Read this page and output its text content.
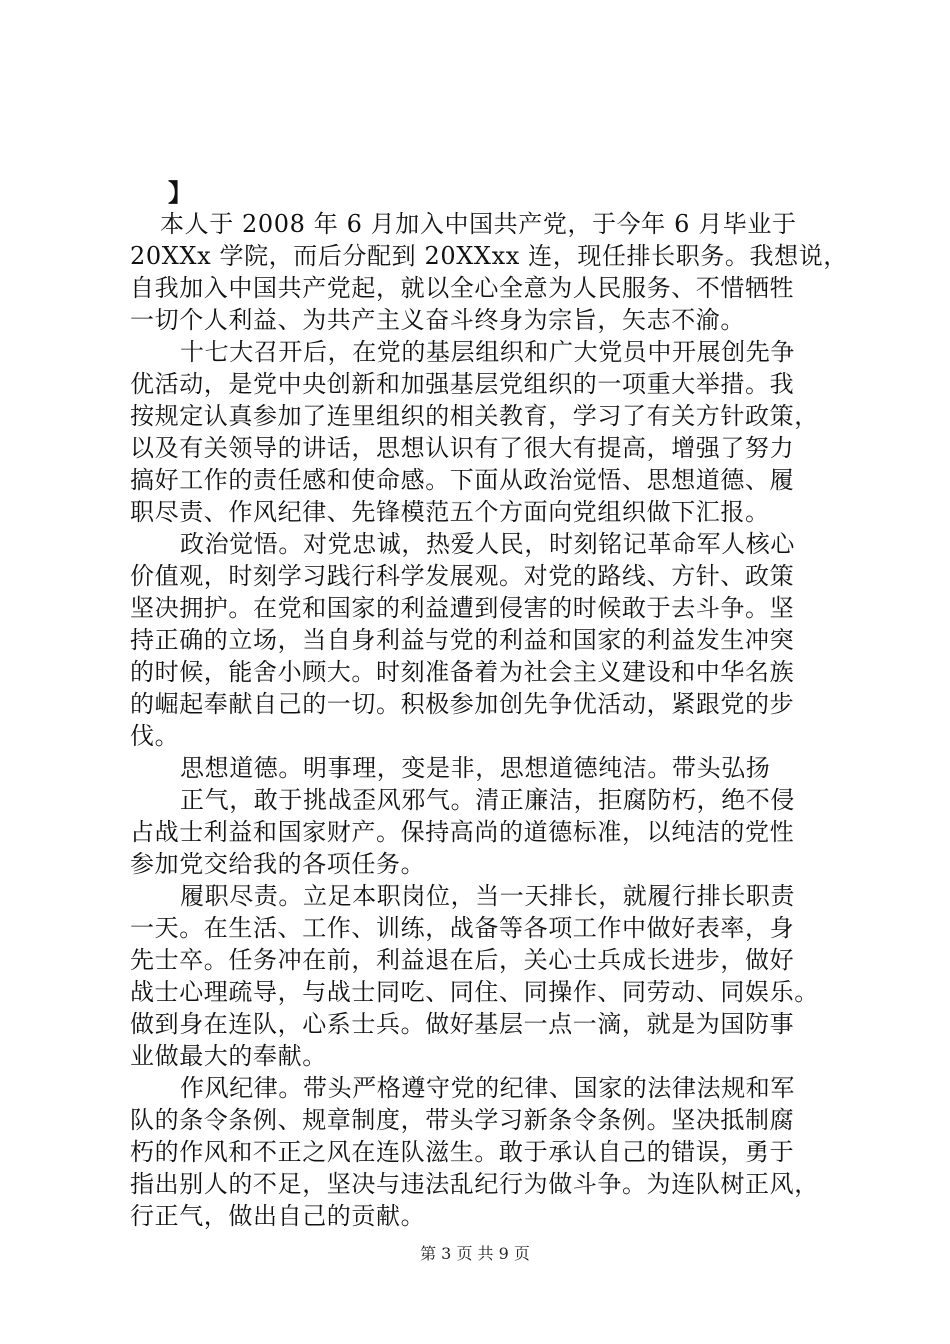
】
本人于 2008 年 6 月加入中国共产党，于今年 6 月毕业于
20XXx 学院，而后分配到 20XXxx 连，现任排长职务。我想说，
自我加入中国共产党起，就以全心全意为人民服务、不惜牺牲
一切个人利益、为共产主义奋斗终身为宗旨，矢志不渝。
十七大召开后，在党的基层组织和广大党员中开展创先争
优活动，是党中央创新和加强基层党组织的一项重大举措。我
按规定认真参加了连里组织的相关教育，学习了有关方针政策，
以及有关领导的讲话，思想认识有了很大有提高，增强了努力
搞好工作的责任感和使命感。下面从政治觉悟、思想道德、履
职尽责、作风纪律、先锋模范五个方面向党组织做下汇报。
政治觉悟。对党忠诚，热爱人民，时刻铭记革命军人核心
价值观，时刻学习践行科学发展观。对党的路线、方针、政策
坚决拥护。在党和国家的利益遭到侵害的时候敢于去斗争。坚
持正确的立场，当自身利益与党的利益和国家的利益发生冲突
的时候，能舍小顾大。时刻准备着为社会主义建设和中华名族
的崛起奉献自己的一切。积极参加创先争优活动，紧跟党的步
伐。
思想道德。明事理，变是非，思想道德纯洁。带头弘扬
正气，敢于挑战歪风邪气。清正廉洁，拒腐防朽，绝不侵
占战士利益和国家财产。保持高尚的道德标准，以纯洁的党性
参加党交给我的各项任务。
履职尽责。立足本职岗位，当一天排长，就履行排长职责
一天。在生活、工作、训练，战备等各项工作中做好表率，身
先士卒。任务冲在前，利益退在后，关心士兵成长进步，做好
战士心理疏导，与战士同吃、同住、同操作、同劳动、同娱乐。
做到身在连队，心系士兵。做好基层一点一滴，就是为国防事
业做最大的奉献。
作风纪律。带头严格遵守党的纪律、国家的法律法规和军
队的条令条例、规章制度，带头学习新条令条例。坚决抵制腐
朽的作风和不正之风在连队滋生。敢于承认自己的错误，勇于
指出别人的不足，坚决与违法乱纪行为做斗争。为连队树正风，
行正气，做出自己的贡献。
第 3 页 共 9 页
